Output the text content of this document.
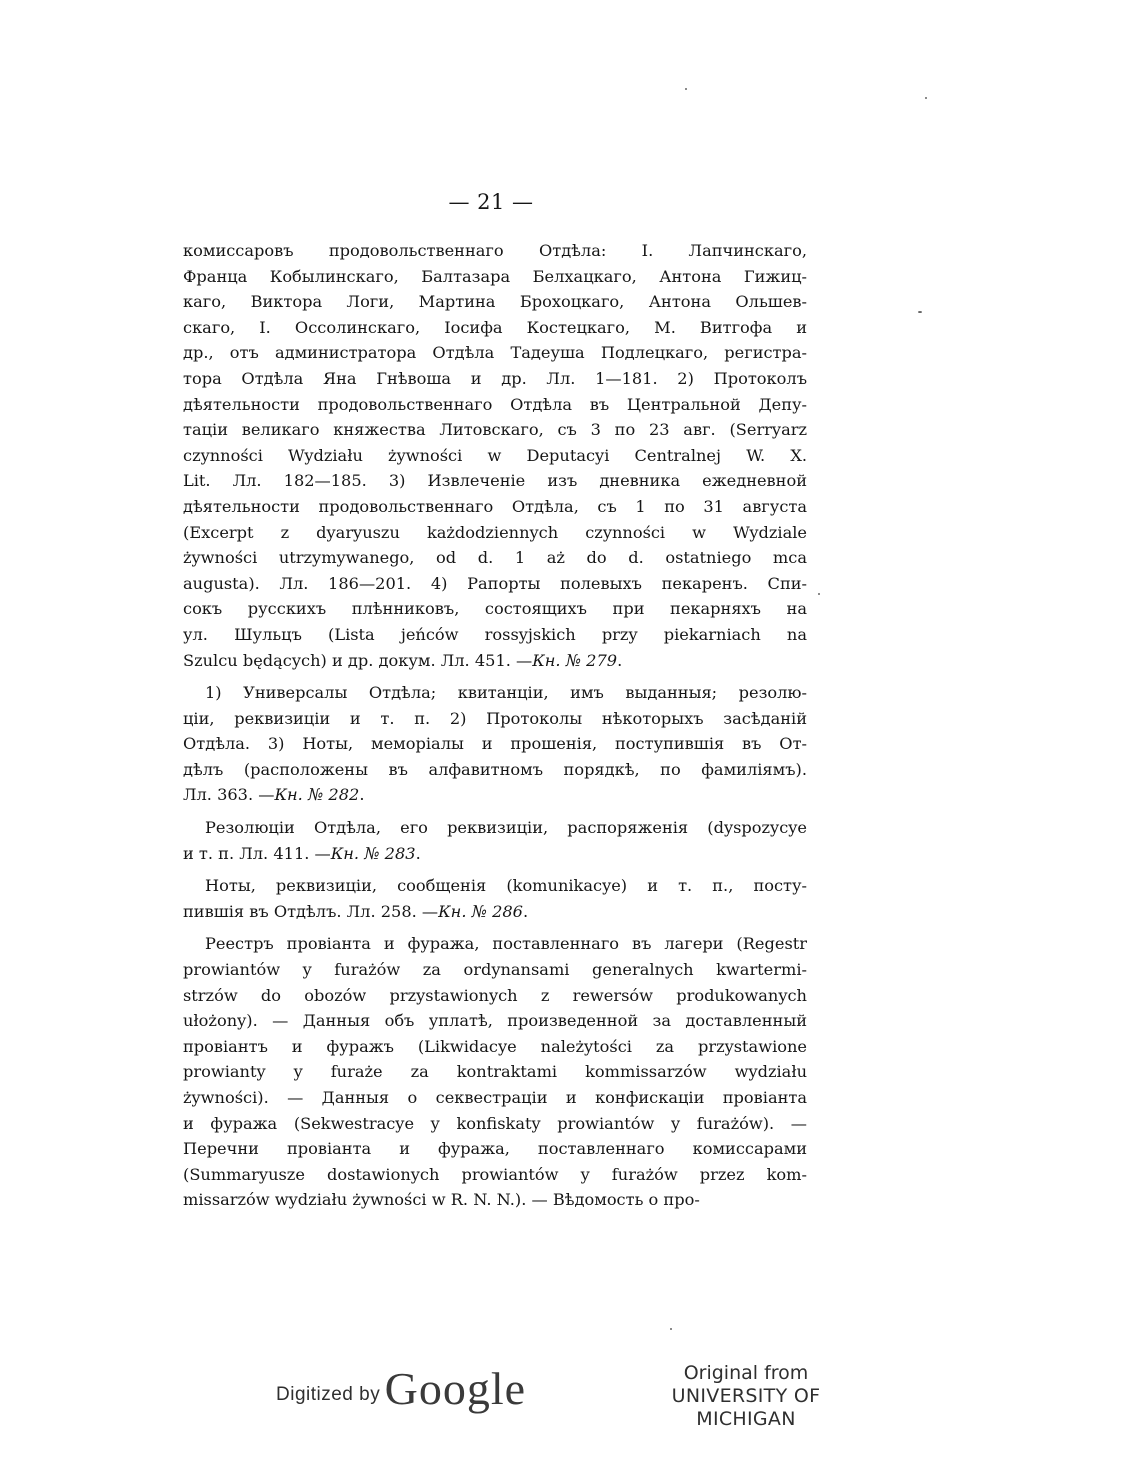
— 21 —

комиссаровъ продовольственнаго Отдѣла: I. Лапчинскаго,
Франца Кобылинскаго, Балтазара Белхацкаго, Антона Гижиц-
каго, Виктора Логи, Мартина Брохоцкаго, Антона Ольшев-
скаго, I. Оссолинскаго, Iосифа Костецкаго, М. Витгофа и
др., отъ администратора Отдѣла Тадеуша Подлецкаго, регистра-
тора Отдѣла Яна Гнѣвоша и др. Лл. 1—181. 2) Протоколъ
дѣятельности продовольственнаго Отдѣла въ Центральной Депу-
таціи великаго княжества Литовскаго, съ 3 по 23 авг. (Serryarz
czynności Wydziału żywności w Deputacyi Centralnej W. X.
Lit. Лл. 182—185. 3) Извлеченіе изъ дневника ежедневной
дѣятельности продовольственнаго Отдѣла, съ 1 по 31 августа
(Excerpt z dyaryuszu każdodziennych czynności w Wydziale
żywności utrzymywanego, od d. 1 aż do d. ostatniego mca
augusta). Лл. 186—201. 4) Рапорты полевыхъ пекаренъ. Спи-
сокъ русскихъ плѣнниковъ, состоящихъ при пекарняхъ на
ул. Шульцъ (Lista jeńców rossyjskich przy piekarniach na
Szulcu będących) и др. докум. Лл. 451. —Кн. № 279.

1) Универсалы Отдѣла; квитанціи, имъ выданныя; резолю-
ціи, реквизиціи и т. п. 2) Протоколы нѣкоторыхъ засѣданій
Отдѣла. 3) Ноты, меморіалы и прошенія, поступившія въ От-
дѣлъ (расположены въ алфавитномъ порядкѣ, по фамиліямъ).
Лл. 363. —Кн. № 282.

Резолюціи Отдѣла, его реквизиціи, распоряженія (dyspozycye
и т. п. Лл. 411. —Кн. № 283.

Ноты, реквизиціи, сообщенія (komunikacye) и т. п., посту-
пившія въ Отдѣлъ. Лл. 258. —Кн. № 286.

Реестръ провіанта и фуража, поставленнаго въ лагери (Regestr
prowiantów y furażów za ordynansami generalnych kwartermi-
strzów do obozów przystawionych z rewersów produkowanych
ułożony). — Данныя объ уплатѣ, произведенной за доставленный
провіантъ и фуражъ (Likwidacye należytości za przystawione
prowianty y furaże za kontraktami kommissarzów wydziału
żywności). — Данныя о секвестраціи и конфискаціи провіанта
и фуража (Sekwestracye y konfiskaty prowiantów y furażów). —
Перечни провіанта и фуража, поставленнаго комиссарами
(Summaryusze dostawionych prowiantów y furażów przez kom-
missarzów wydziału żywności w R. N. N.). — Вѣдомость о про-

Digitized by Google	Original from
UNIVERSITY OF MICHIGAN
